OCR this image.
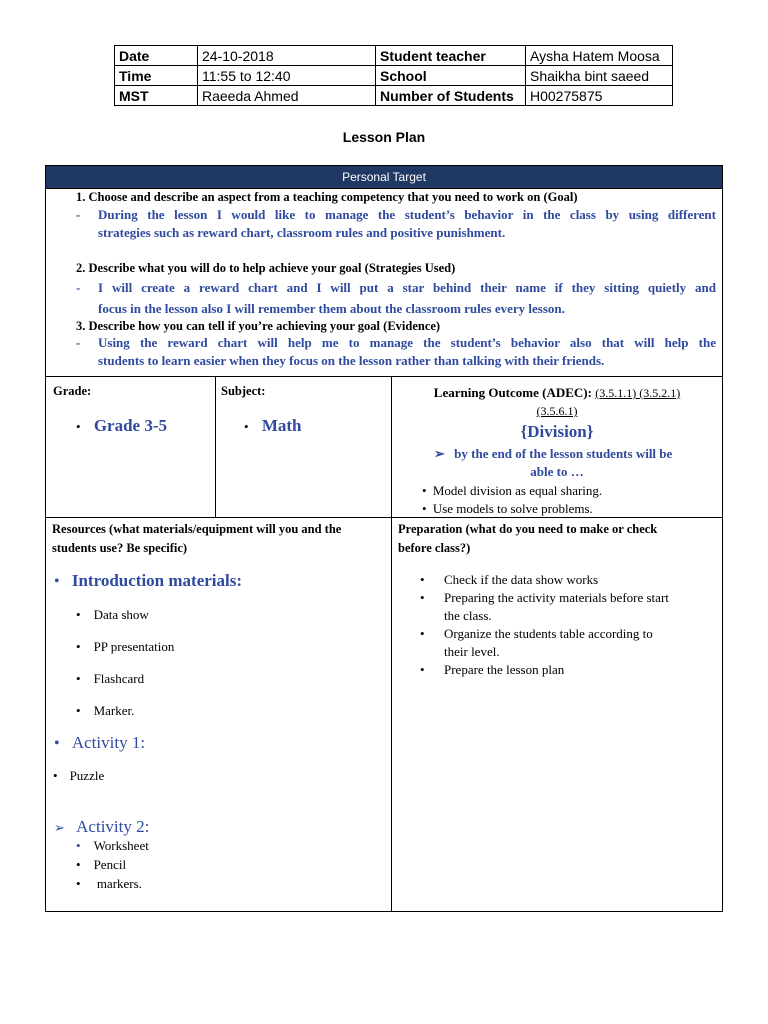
Date	24-10-2018	Student teacher	Aysha Hatem Moosa
Time	11:55 to 12:40	School	Shaikha bint saeed
MST	Raeeda Ahmed	Number of Students	H00275875
Lesson Plan
Personal Target
1. Choose and describe an aspect from a teaching competency that you need to work on (Goal)
- During the lesson I would like to manage the student’s behavior in the class by using different
strategies such as reward chart, classroom rules and positive punishment.
2. Describe what you will do to help achieve your goal (Strategies Used)
- I will create a reward chart and I will put a star behind their name if they sitting quietly and
focus in the lesson also I will remember them about the classroom rules every lesson.
3. Describe how you can tell if you’re achieving your goal (Evidence)
- Using the reward chart will help me to manage the student’s behavior also that will help the
students to learn easier when they focus on the lesson rather than talking with their friends.
Grade:
• Grade 3-5
Subject:
• Math
Learning Outcome (ADEC): (3.5.1.1) (3.5.2.1)
(3.5.6.1)
{Division}
➢ by the end of the lesson students will be
able to …
• Model division as equal sharing.
• Use models to solve problems.
Resources (what materials/equipment will you and the
students use? Be specific)
• Introduction materials:
• Data show
• PP presentation
• Flashcard
• Marker.
• Activity 1:
• Puzzle
➢ Activity 2:
• Worksheet
• Pencil
• markers.
Preparation (what do you need to make or check
before class?)
• Check if the data show works
• Preparing the activity materials before start
the class.
• Organize the students table according to
their level.
• Prepare the lesson plan
